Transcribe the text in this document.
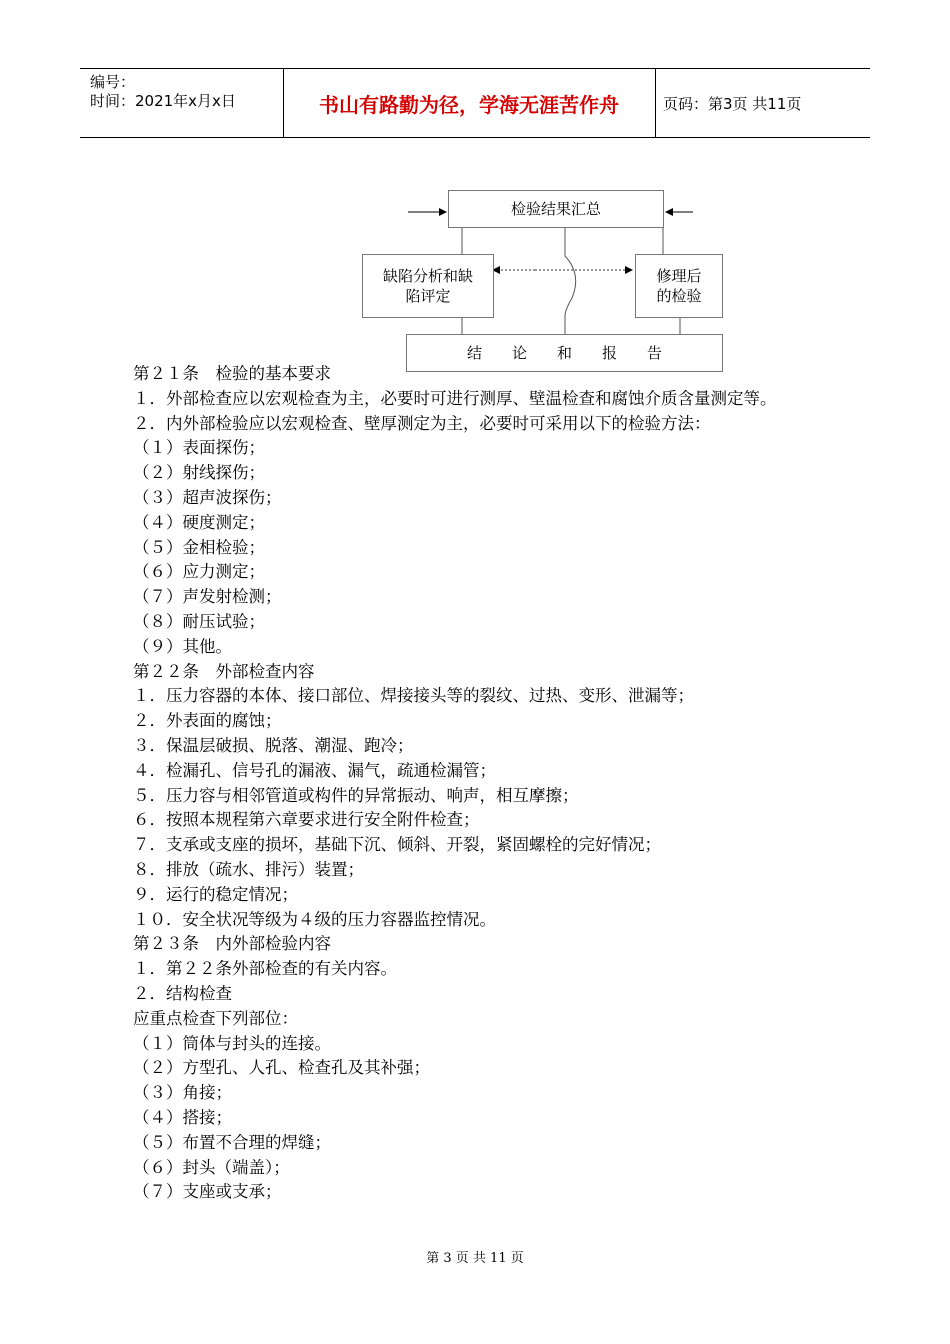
编号：
时间：2021年x月x日	书山有路勤为径，学海无涯苦作舟	页码：第3页 共11页
检验结果汇总
缺陷分析和缺
陷评定
修理后
的检验
结　　论　　和　　报　　告
第２１条　检验的基本要求
１．外部检查应以宏观检查为主，必要时可进行测厚、壁温检查和腐蚀介质含量测定等。
２．内外部检验应以宏观检查、壁厚测定为主，必要时可采用以下的检验方法：
（１）表面探伤；
（２）射线探伤；
（３）超声波探伤；
（４）硬度测定；
（５）金相检验；
（６）应力测定；
（７）声发射检测；
（８）耐压试验；
（９）其他。
第２２条　外部检查内容
１．压力容器的本体、接口部位、焊接接头等的裂纹、过热、变形、泄漏等；
２．外表面的腐蚀；
３．保温层破损、脱落、潮湿、跑冷；
４．检漏孔、信号孔的漏液、漏气，疏通检漏管；
５．压力容与相邻管道或构件的异常振动、响声，相互摩擦；
６．按照本规程第六章要求进行安全附件检查；
７．支承或支座的损坏，基础下沉、倾斜、开裂，紧固螺栓的完好情况；
８．排放（疏水、排污）装置；
９．运行的稳定情况；
１０．安全状况等级为４级的压力容器监控情况。
第２３条　内外部检验内容
１．第２２条外部检查的有关内容。
２．结构检查
应重点检查下列部位：
（１）筒体与封头的连接。
（２）方型孔、人孔、检查孔及其补强；
（３）角接；
（４）搭接；
（５）布置不合理的焊缝；
（６）封头（端盖）；
（７）支座或支承；
第 3 页 共 11 页
